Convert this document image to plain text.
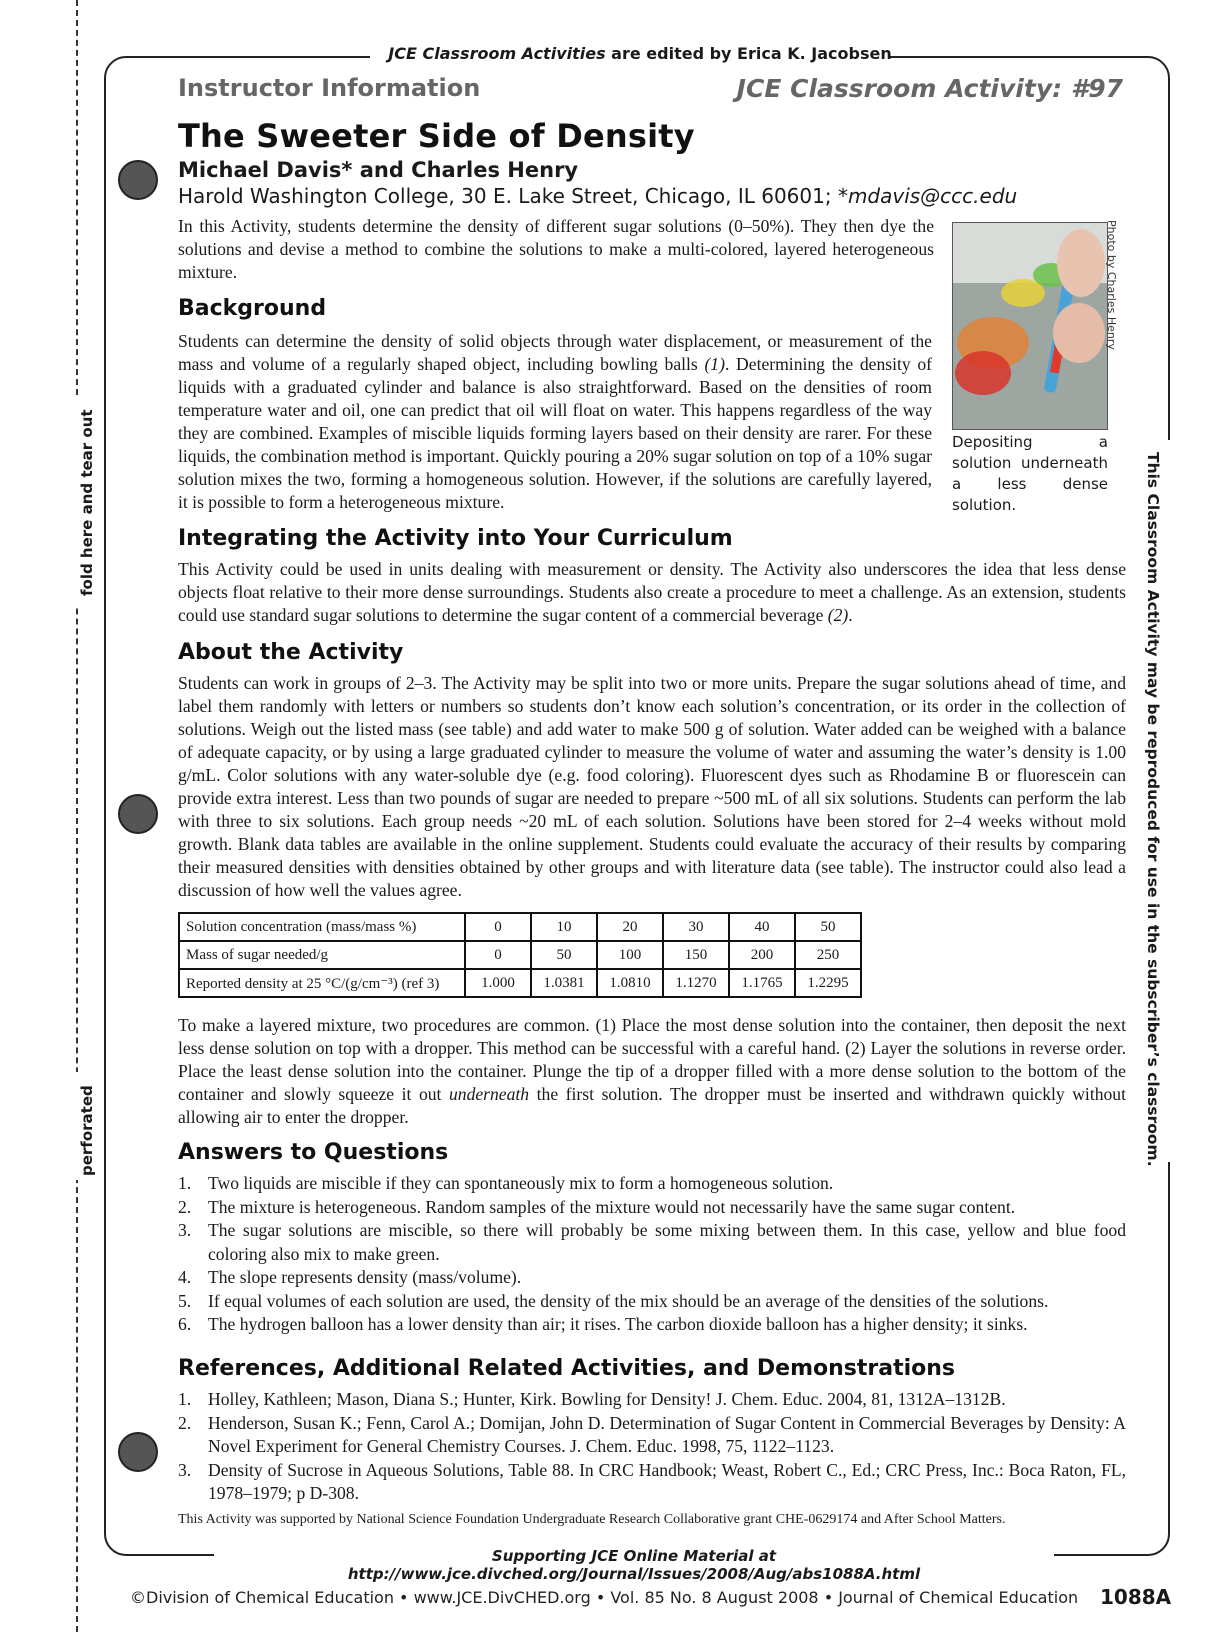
fold here and tear out
perforated
JCE Classroom Activities are edited by Erica K. Jacobsen
This Classroom Activity may be reproduced for use in the subscriber’s classroom.
Instructor Information	JCE Classroom Activity: #97
The Sweeter Side of Density
Michael Davis* and Charles Henry
Harold Washington College, 30 E. Lake Street, Chicago, IL 60601; *mdavis@ccc.edu

In this Activity, students determine the density of different sugar solutions (0–50%). They then dye the solutions and devise a method to combine the solutions to make a multi-colored, layered heterogeneous mixture.	Photo by Charles Henry
Depositing a solution underneath a less dense solution.
Background

Students can determine the density of solid objects through water displacement, or measurement of the mass and volume of a regularly shaped object, including bowling balls (1). Determining the density of liquids with a graduated cylinder and balance is also straightforward. Based on the densities of room temperature water and oil, one can predict that oil will float on water. This happens regardless of the way they are combined. Examples of miscible liquids forming layers based on their density are rarer. For these liquids, the combination method is important. Quickly pouring a 20% sugar solution on top of a 10% sugar solution mixes the two, forming a homogeneous solution. However, if the solutions are carefully layered, it is possible to form a heterogeneous mixture.

Integrating the Activity into Your Curriculum

This Activity could be used in units dealing with measurement or density. The Activity also underscores the idea that less dense objects float relative to their more dense surroundings. Students also create a procedure to meet a challenge. As an extension, students could use standard sugar solutions to determine the sugar content of a commercial beverage (2).

About the Activity

Students can work in groups of 2–3. The Activity may be split into two or more units. Prepare the sugar solutions ahead of time, and label them randomly with letters or numbers so students don’t know each solution’s concentration, or its order in the collection of solutions. Weigh out the listed mass (see table) and add water to make 500 g of solution. Water added can be weighed with a balance of adequate capacity, or by using a large graduated cylinder to measure the volume of water and assuming the water’s density is 1.00 g/mL. Color solutions with any water-soluble dye (e.g. food coloring). Fluorescent dyes such as Rhodamine B or fluorescein can provide extra interest. Less than two pounds of sugar are needed to prepare ~500 mL of all six solutions. Students can perform the lab with three to six solutions. Each group needs ~20 mL of each solution. Solutions have been stored for 2–4 weeks without mold growth. Blank data tables are available in the online supplement. Students could evaluate the accuracy of their results by comparing their measured densities with densities obtained by other groups and with literature data (see table). The instructor could also lead a discussion of how well the values agree.

Solution concentration (mass/mass %)	0	10	20	30	40	50
Mass of sugar needed/g	0	50	100	150	200	250
Reported density at 25 °C/(g/cm⁻³) (ref 3)	1.000	1.0381	1.0810	1.1270	1.1765	1.2295

To make a layered mixture, two procedures are common. (1) Place the most dense solution into the container, then deposit the next less dense solution on top with a dropper. This method can be successful with a careful hand. (2) Layer the solutions in reverse order. Place the least dense solution into the container. Plunge the tip of a dropper filled with a more dense solution to the bottom of the container and slowly squeeze it out underneath the first solution. The dropper must be inserted and withdrawn quickly without allowing air to enter the dropper.

Answers to Questions
1. Two liquids are miscible if they can spontaneously mix to form a homogeneous solution.
2. The mixture is heterogeneous. Random samples of the mixture would not necessarily have the same sugar content.
3. The sugar solutions are miscible, so there will probably be some mixing between them. In this case, yellow and blue food coloring also mix to make green.
4. The slope represents density (mass/volume).
5. If equal volumes of each solution are used, the density of the mix should be an average of the densities of the solutions.
6. The hydrogen balloon has a lower density than air; it rises. The carbon dioxide balloon has a higher density; it sinks.
References, Additional Related Activities, and Demonstrations
1. Holley, Kathleen; Mason, Diana S.; Hunter, Kirk. Bowling for Density! J. Chem. Educ. 2004, 81, 1312A–1312B.
2. Henderson, Susan K.; Fenn, Carol A.; Domijan, John D. Determination of Sugar Content in Commercial Beverages by Density: A Novel Experiment for General Chemistry Courses. J. Chem. Educ. 1998, 75, 1122–1123.
3. Density of Sucrose in Aqueous Solutions, Table 88. In CRC Handbook; Weast, Robert C., Ed.; CRC Press, Inc.: Boca Raton, FL, 1978–1979; p D-308.
This Activity was supported by National Science Foundation Undergraduate Research Collaborative grant CHE-0629174 and After School Matters.
Supporting JCE Online Material at http://www.jce.divched.org/Journal/Issues/2008/Aug/abs1088A.html
©Division of Chemical Education • www.JCE.DivCHED.org • Vol. 85 No. 8 August 2008 • Journal of Chemical Education 1088A
